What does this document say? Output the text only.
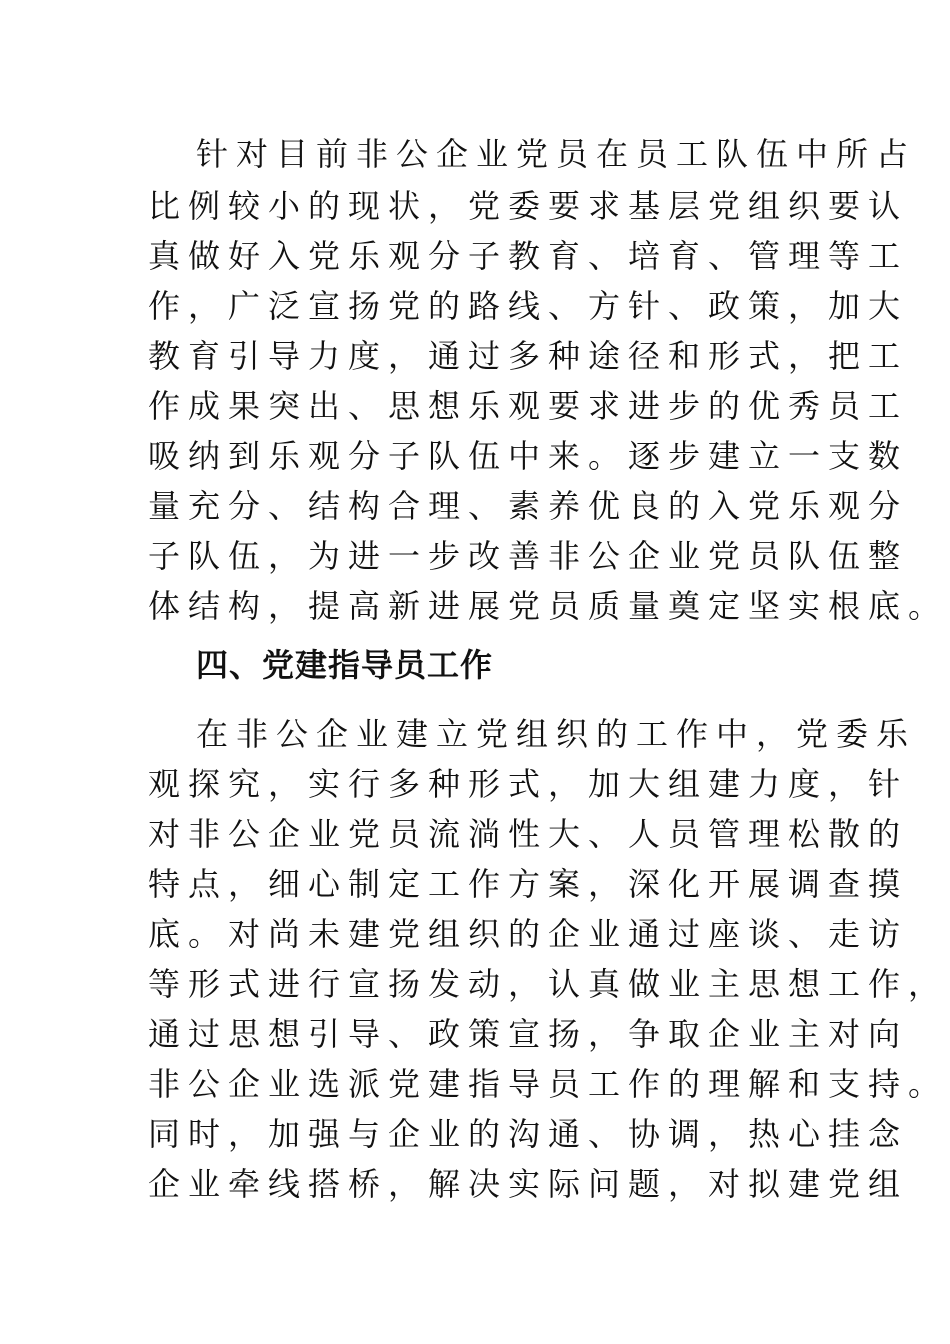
针对目前非公企业党员在员工队伍中所占
比例较小的现状，党委要求基层党组织要认
真做好入党乐观分子教育、培育、管理等工
作，广泛宣扬党的路线、方针、政策，加大
教育引导力度，通过多种途径和形式，把工
作成果突出、思想乐观要求进步的优秀员工
吸纳到乐观分子队伍中来。逐步建立一支数
量充分、结构合理、素养优良的入党乐观分
子队伍，为进一步改善非公企业党员队伍整
体结构，提高新进展党员质量奠定坚实根底。
四、党建指导员工作
在非公企业建立党组织的工作中，党委乐
观探究，实行多种形式，加大组建力度，针
对非公企业党员流淌性大、人员管理松散的
特点，细心制定工作方案，深化开展调查摸
底。对尚未建党组织的企业通过座谈、走访
等形式进行宣扬发动，认真做业主思想工作，
通过思想引导、政策宣扬，争取企业主对向
非公企业选派党建指导员工作的理解和支持。
同时，加强与企业的沟通、协调，热心挂念
企业牵线搭桥，解决实际问题，对拟建党组
